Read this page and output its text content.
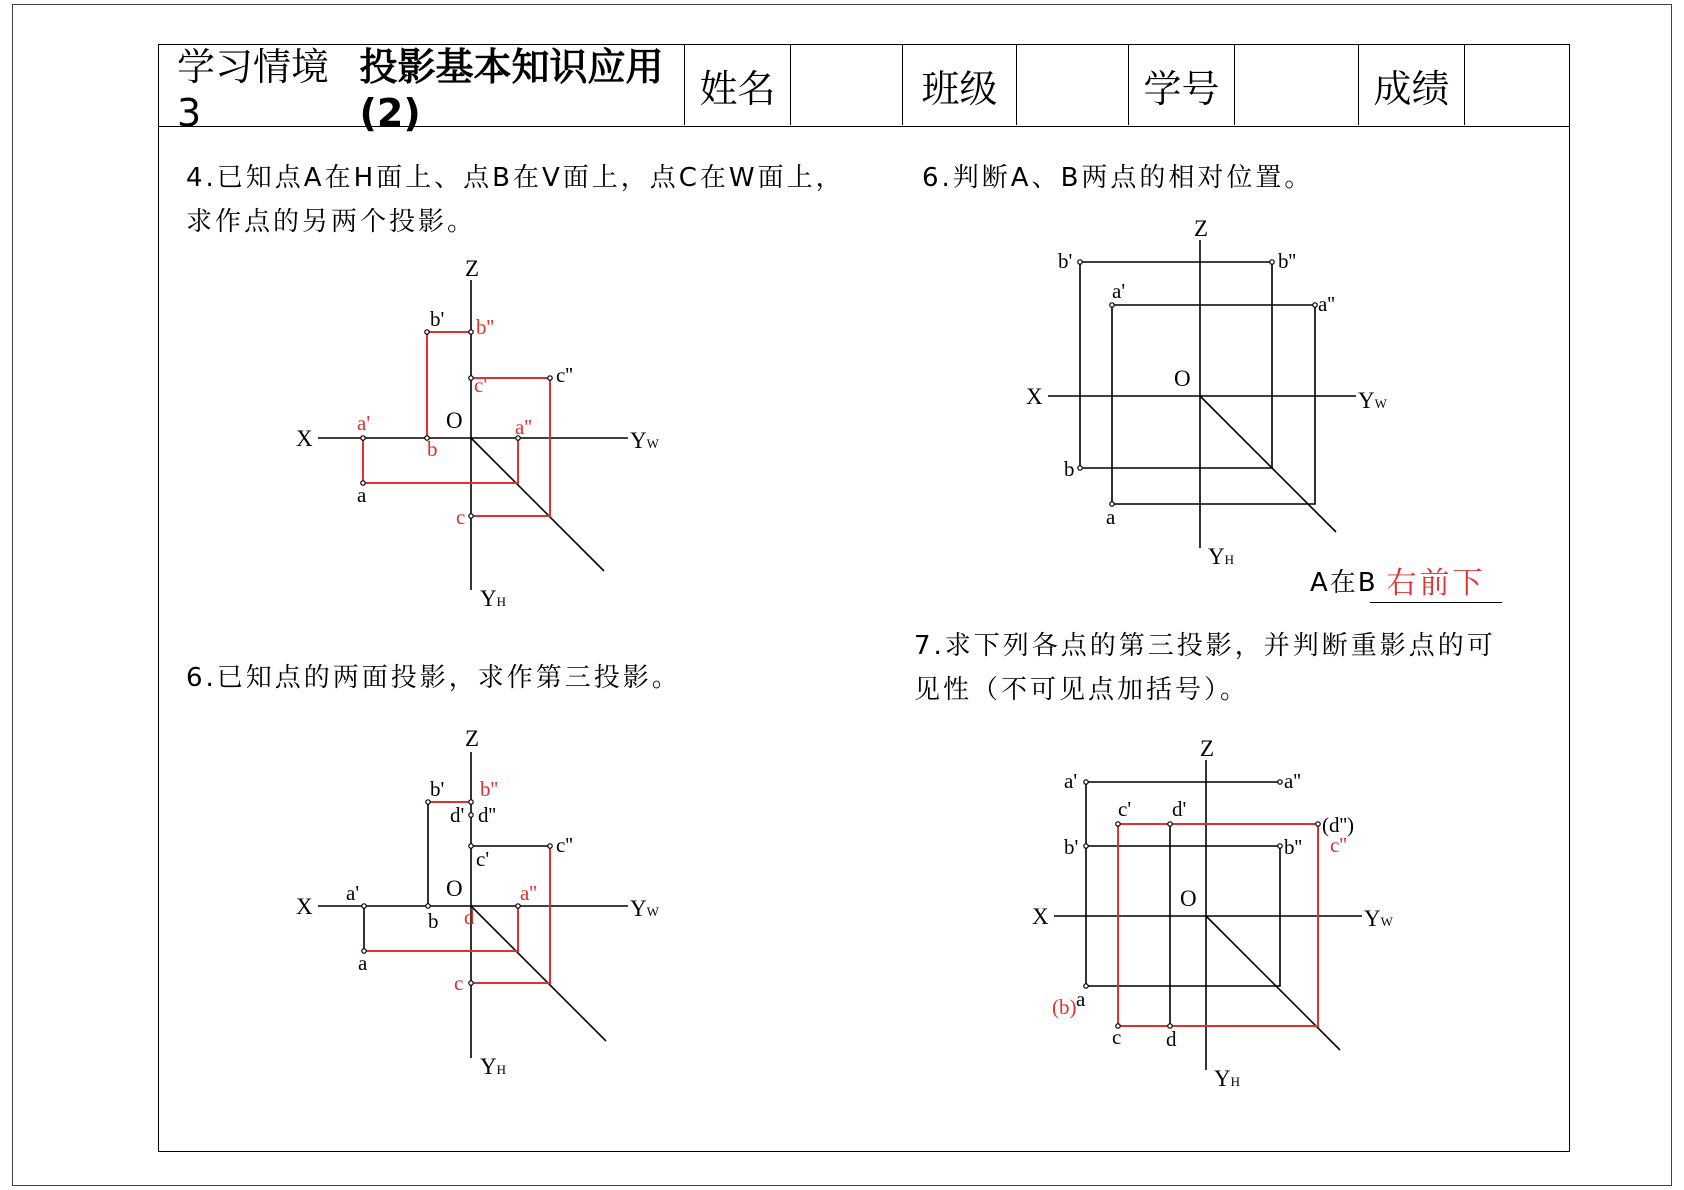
学习情境3
投影基本知识应用(2)
姓名	班级	学号	成绩
4.已知点A在H面上、点B在V面上，点C在W面上，
求作点的另两个投影。
6.已知点的两面投影，求作第三投影。
6.判断A、B两点的相对位置。
7.求下列各点的第三投影，并判断重影点的可
见性（不可见点加括号）。
A在B 右前下
Z
X
O
YW
YH
b' b''
c'	c''
a'
b
a''
a
c
Z
X
O
YW
YH
b' b''
d' d''
c'
c''
a'
b d
a''
a
c
Z
X
O
YW
YH
b'	b''
a'
a''
b
a
Z
X
O
YW
YH
a'	a''
c' d'
(d'')
c''
b'	b''
(b) a
c d
